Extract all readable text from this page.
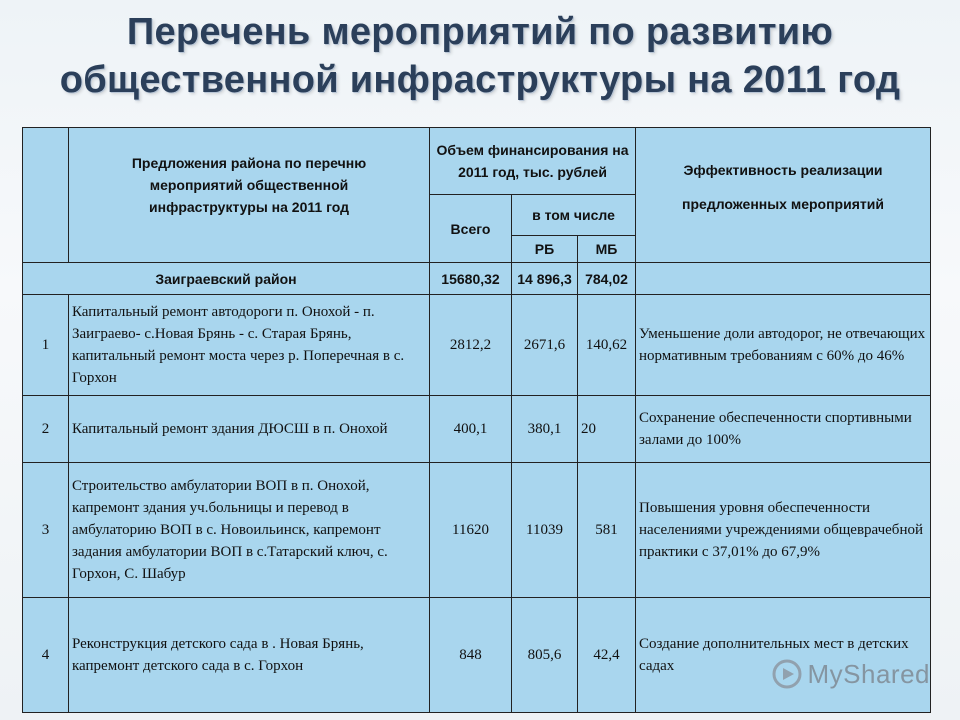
Перечень мероприятий по развитию
общественной инфраструктуры на 2011 год
	Предложения района по перечню мероприятий общественной инфраструктуры на 2011 год	Объем финансирования на 2011 год, тыс. рублей			Эффективность реализации
предложенных мероприятий

		Всего	в том числе		
			РБ	МБ	
Заиграевский район		15680,32	14 896,3	784,02	
1	Капитальный ремонт автодороги п. Онохой - п. Заиграево- с.Новая Брянь - с. Старая Брянь, капитальный ремонт моста через р. Поперечная в с. Горхон	2812,2	2671,6	140,62	Уменьшение доли автодорог, не отвечающих нормативным требованиям с 60% до 46%
2	Капитальный ремонт здания ДЮСШ в п. Онохой	400,1	380,1	20	Сохранение обеспеченности спортивными залами до 100%
3	Строительство амбулатории ВОП в п. Онохой, капремонт здания уч.больницы и перевод в амбулаторию ВОП в с. Новоильинск, капремонт задания амбулатории ВОП в с.Татарский ключ, с. Горхон, С. Шабур	11620	11039	581	Повышения уровня обеспеченности населениями учреждениями общеврачебной практики с 37,01% до 67,9%
4	Реконструкция детского сада в . Новая Брянь, капремонт детского сада в с. Горхон	848	805,6	42,4	Создание дополнительных мест в детских садах	MyShared
